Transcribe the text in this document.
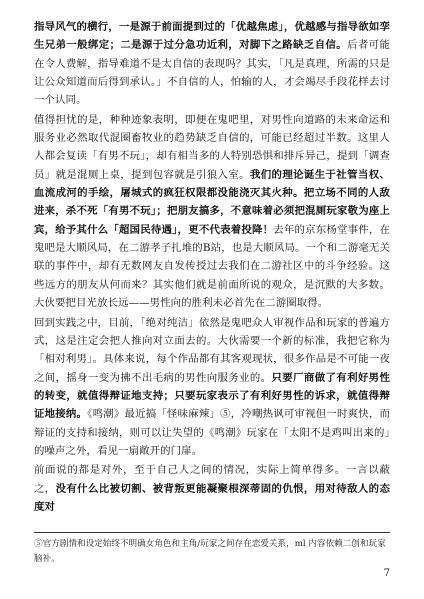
指导风气的横行，一是源于前面提到过的「优越焦虑」，优越感与指导欲如孪生兄弟一般绑定；二是源于过分急功近利，对脚下之路缺乏自信。后者可能在令人费解，指导难道不是太自信的表现吗？其实，「凡是真理，所需的只是让公众知道而后得到承认。」不自信的人，怕输的人，才会竭尽手段花样去讨一个认同。

值得担忧的是，种种迹象表明，即便在鬼吧里，对男性向道路的未来命运和服务业必然取代混圈畜牧业的趋势缺乏自信的，可能已经超过半数。这里人人都会复读「有男不玩」，却有相当多的人特别恐惧和排斥异己，提到「调查员」就是混厕上桌，提到包容就是引狼入室。我们的理论诞生于社管当权、血流成河的手绘，屠城式的疯狂权限都没能浇灭其火种。把立场不同的人敌进来，杀不死「有男不玩」；把朋友搞多，不意味着必须把混厕玩家敬为座上宾，给予其什么「超国民待遇」，更不代表着投降！去年的京东杨堂事件，在鬼吧是大顺风局，在二游孝子扎堆的B站，也是大顺风局。一个和二游毫无关联的事件中，却有无数网友自发传授过去我们在二游社区中的斗争经验。这些远方的朋友从何而来？其实他们就是前面所说的观众，是沉默的大多数。大伙要把目光放长远——男性向的胜利未必首先在二游圈取得。

回到实践之中，目前，「绝对纯洁」依然是鬼吧众人审视作品和玩家的普遍方式，这是注定会把人推向对立面去的。大伙需要一个新的标准，我把它称为「相对利男」。具体来说，每个作品都有其客观现状，很多作品是不可能一夜之间，摇身一变为拂不出毛病的男性向服务业的。只要厂商做了有利好男性的转变，就值得辩证地支持；只要玩家表示了有利好男性的诉求，就值得辩证地接纳。《鸣潮》最近搞「怪味麻辣」⑤，冷嘲热讽可审视但一时爽快，而辩证的支持和接纳，则可以让失望的《鸣潮》玩家在「太阳不是鸡叫出来的」的噪声之外，看见一扇敞开的门扉。

前面说的都是对外，至于自己人之间的情况，实际上简单得多。一言以蔽之，没有什么比被切割、被背叛更能凝聚根深蒂固的仇恨，用对待敌人的态度对

⑤官方剧情和设定始终不明确女角色和主角/玩家之间存在恋爱关系，ml 内容依赖二创和玩家脑补。

7
